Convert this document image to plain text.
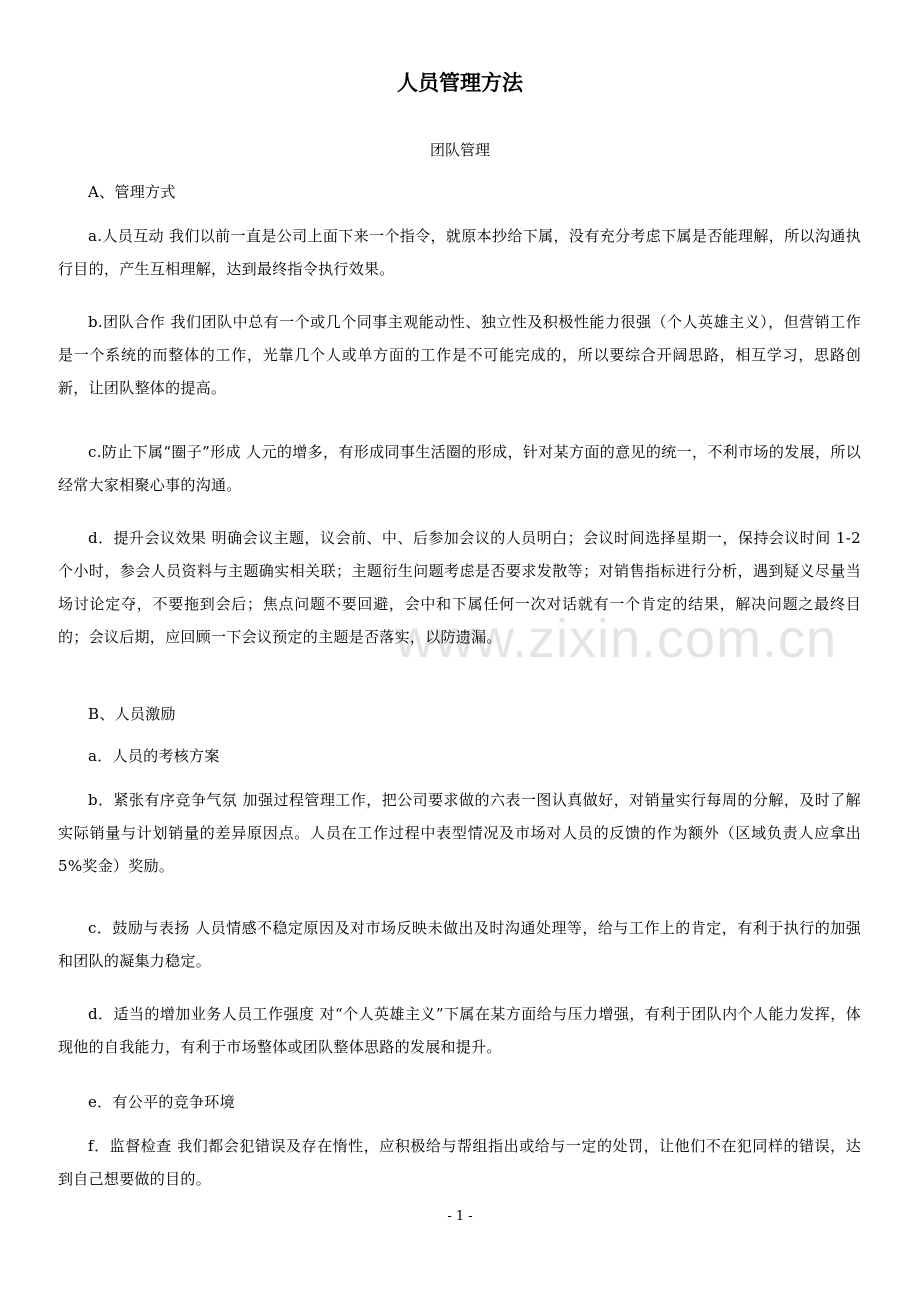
www.zixin.com.cn
人员管理方法

团队管理

A、管理方式

a.人员互动 我们以前一直是公司上面下来一个指令，就原本抄给下属，没有充分考虑下属是否能理解，所以沟通执行目的，产生互相理解，达到最终指令执行效果。

b.团队合作 我们团队中总有一个或几个同事主观能动性、独立性及积极性能力很强（个人英雄主义），但营销工作是一个系统的而整体的工作，光靠几个人或单方面的工作是不可能完成的，所以要综合开阔思路，相互学习，思路创新，让团队整体的提高。

c.防止下属“圈子”形成 人元的增多，有形成同事生活圈的形成，针对某方面的意见的统一，不利市场的发展，所以经常大家相聚心事的沟通。

d．提升会议效果 明确会议主题，议会前、中、后参加会议的人员明白；会议时间选择星期一，保持会议时间 1-2 个小时，参会人员资料与主题确实相关联；主题衍生问题考虑是否要求发散等；对销售指标进行分析，遇到疑义尽量当场讨论定夺，不要拖到会后；焦点问题不要回避，会中和下属任何一次对话就有一个肯定的结果，解决问题之最终目的；会议后期，应回顾一下会议预定的主题是否落实，以防遗漏。

B、人员激励

a．人员的考核方案

b．紧张有序竞争气氛 加强过程管理工作，把公司要求做的六表一图认真做好，对销量实行每周的分解，及时了解实际销量与计划销量的差异原因点。人员在工作过程中表型情况及市场对人员的反馈的作为额外（区域负责人应拿出 5%奖金）奖励。

c．鼓励与表扬 人员情感不稳定原因及对市场反映未做出及时沟通处理等，给与工作上的肯定，有利于执行的加强和团队的凝集力稳定。

d．适当的增加业务人员工作强度 对“个人英雄主义”下属在某方面给与压力增强，有利于团队内个人能力发挥，体现他的自我能力，有利于市场整体或团队整体思路的发展和提升。

e．有公平的竞争环境

f．监督检查 我们都会犯错误及存在惰性，应积极给与帮组指出或给与一定的处罚，让他们不在犯同样的错误，达到自己想要做的目的。

- 1 -
